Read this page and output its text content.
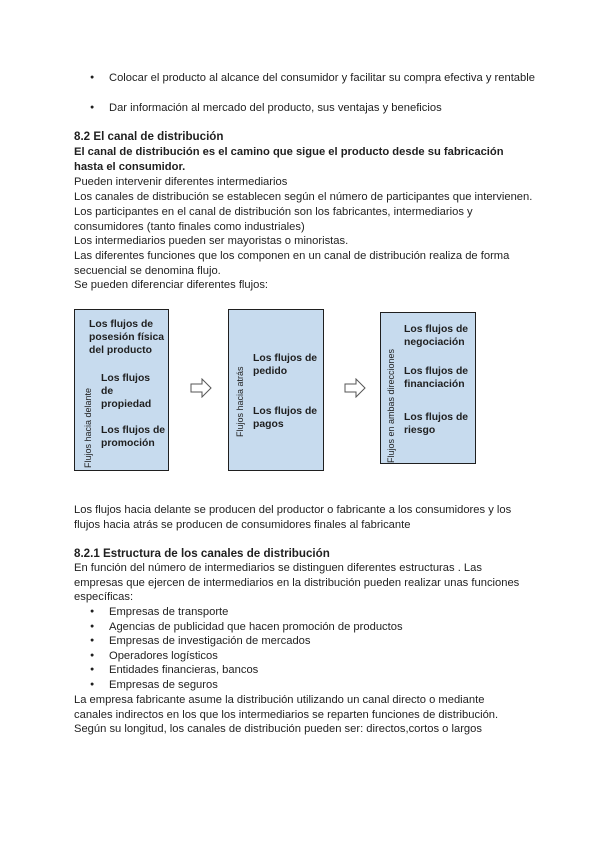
● Colocar el producto al alcance del consumidor y facilitar su compra efectiva y rentable
● Dar información al mercado del producto, sus ventajas y beneficios
8.2 El canal de distribución
El canal de distribución es el camino que sigue el producto desde su fabricación
hasta el consumidor.
Pueden intervenir diferentes intermediarios
Los canales de distribución se establecen según el número de participantes que intervienen.
Los participantes en el canal de distribución son los fabricantes, intermediarios y consumidores (tanto finales como industriales)
Los intermediarios pueden ser mayoristas o minoristas.
Las diferentes funciones que los componen en un canal de distribución realiza de forma secuencial se denomina flujo.
Se pueden diferenciar diferentes flujos:
Flujos hacia delante
Los flujos de
posesión física
del producto
Los flujos
de
propiedad
Los flujos de
promoción
Flujos hacia atrás
Los flujos de
pedido
Los flujos de
pagos	Flujos en ambas direcciones
Los flujos de
negociación
Los flujos de
financiación
Los flujos de
riesgo
Los flujos hacia delante se producen del productor o fabricante a los consumidores y los flujos hacia atrás se producen de consumidores finales al fabricante
8.2.1 Estructura de los canales de distribución
En función del número de intermediarios se distinguen diferentes estructuras . Las empresas que ejercen de intermediarios en la distribución pueden realizar unas funciones específicas:
● Empresas de transporte
● Agencias de publicidad que hacen promoción de productos
● Empresas de investigación de mercados
● Operadores logísticos
● Entidades financieras, bancos
● Empresas de seguros
La empresa fabricante asume la distribución utilizando un canal directo o mediante canales indirectos en los que los intermediarios se reparten funciones de distribución.
Según su longitud, los canales de distribución pueden ser: directos,cortos o largos
